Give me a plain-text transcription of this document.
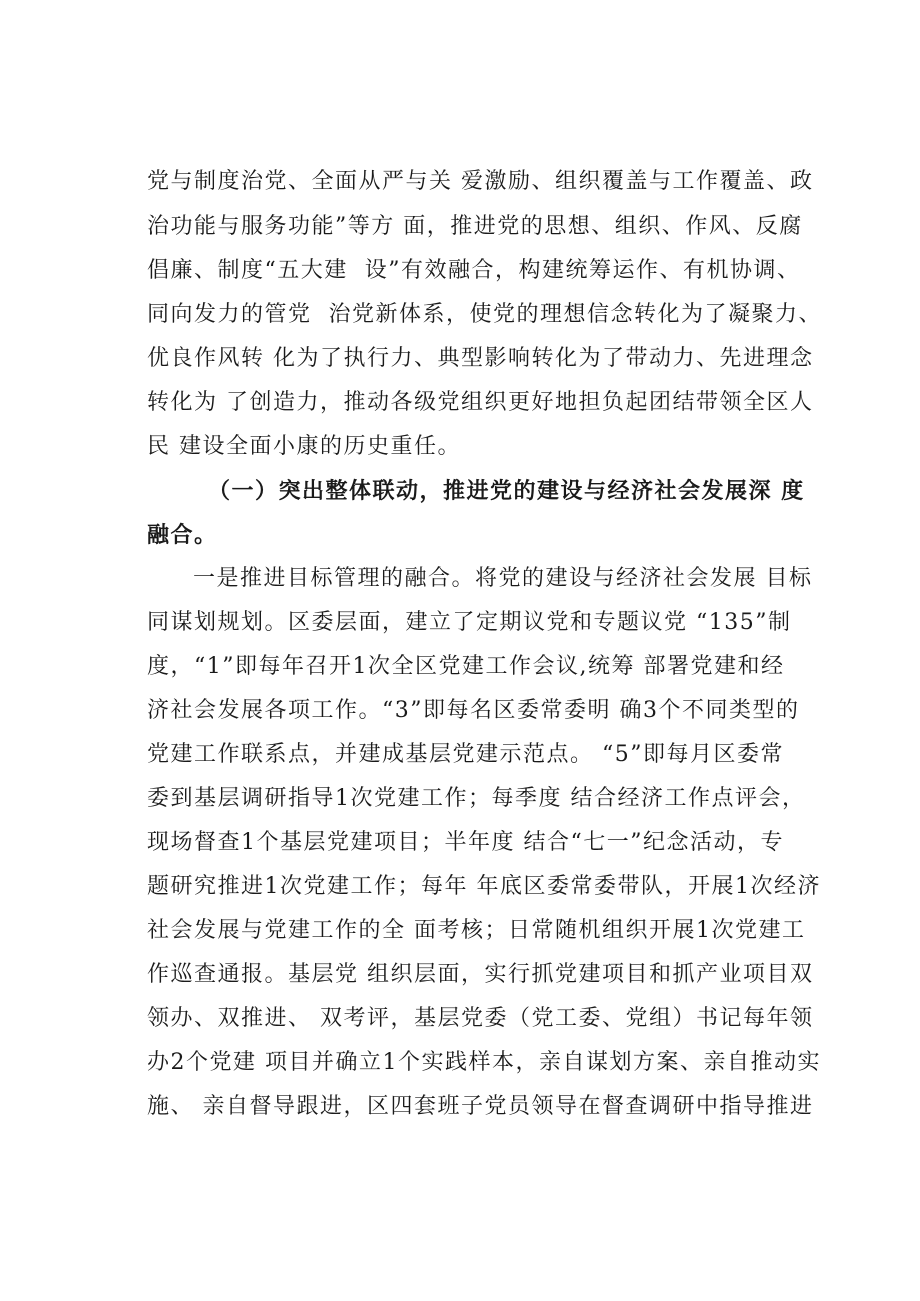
党与制度治党、全面从严与关 爱激励、组织覆盖与工作覆盖、政
治功能与服务功能”等方 面，推进党的思想、组织、作风、反腐
倡廉、制度“五大建  设”有效融合，构建统筹运作、有机协调、
同向发力的管党  治党新体系，使党的理想信念转化为了凝聚力、
优良作风转 化为了执行力、典型影响转化为了带动力、先进理念
转化为 了创造力，推动各级党组织更好地担负起团结带领全区人
民 建设全面小康的历史重任。
（一）突出整体联动，推进党的建设与经济社会发展深 度
融合。
一是推进目标管理的融合。将党的建设与经济社会发展 目标
同谋划规划。区委层面，建立了定期议党和专题议党 “135”制
度，“1”即每年召开1次全区党建工作会议,统筹 部署党建和经
济社会发展各项工作。“3”即每名区委常委明 确3个不同类型的
党建工作联系点，并建成基层党建示范点。 “5”即每月区委常
委到基层调研指导1次党建工作；每季度 结合经济工作点评会，
现场督查1个基层党建项目；半年度 结合“七一”纪念活动，专
题研究推进1次党建工作；每年 年底区委常委带队，开展1次经济
社会发展与党建工作的全 面考核；日常随机组织开展1次党建工
作巡查通报。基层党 组织层面，实行抓党建项目和抓产业项目双
领办、双推进、 双考评，基层党委（党工委、党组）书记每年领
办2个党建 项目并确立1个实践样本，亲自谋划方案、亲自推动实
施、 亲自督导跟进，区四套班子党员领导在督查调研中指导推进
